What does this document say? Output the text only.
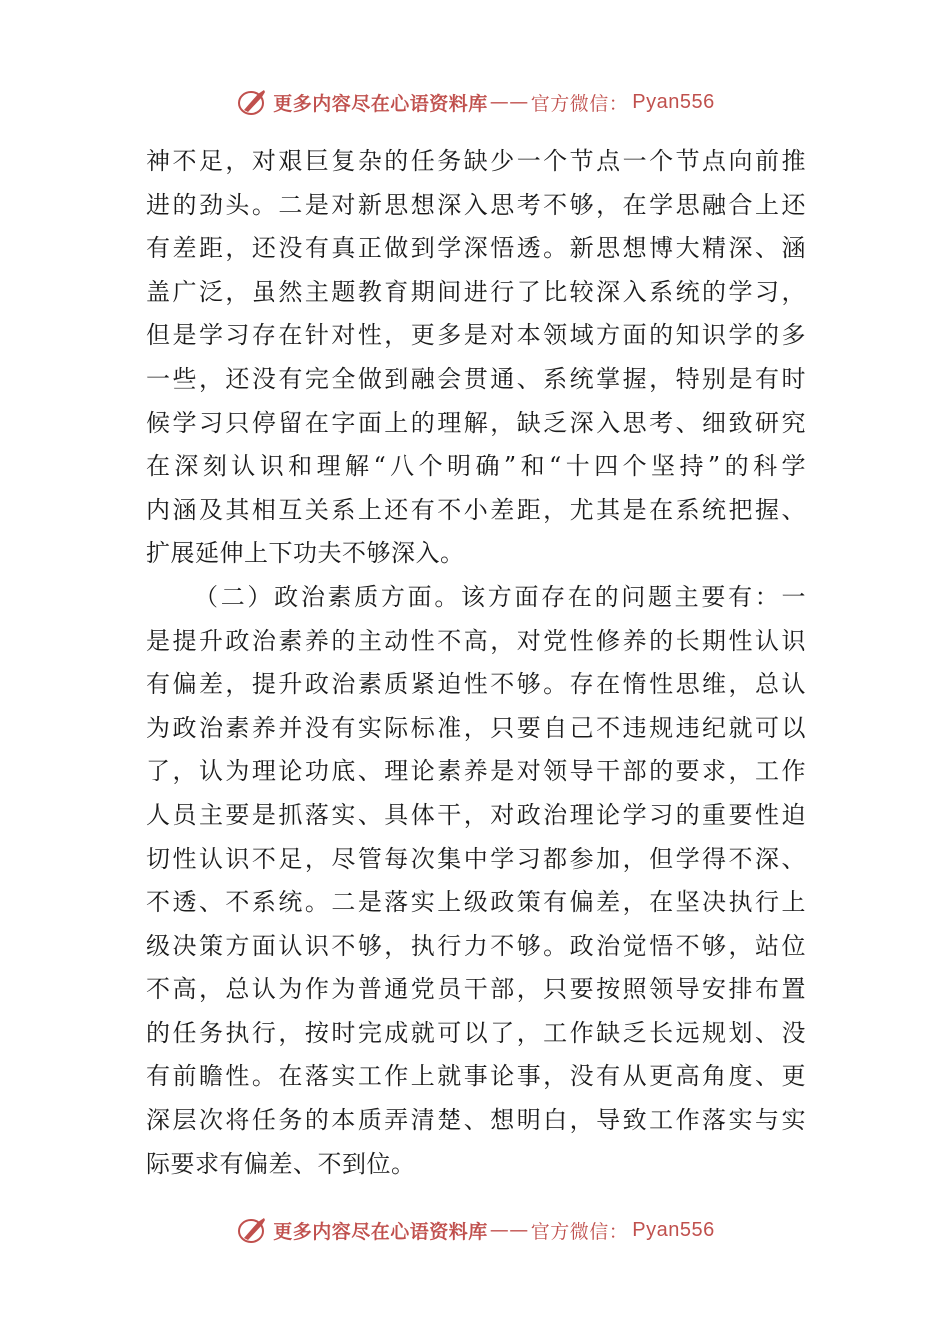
更多内容尽在心语资料库 —— 官方微信： Pyan556
神不足，对艰巨复杂的任务缺少一个节点一个节点向前推
进的劲头。二是对新思想深入思考不够，在学思融合上还
有差距，还没有真正做到学深悟透。新思想博大精深、涵
盖广泛，虽然主题教育期间进行了比较深入系统的学习，
但是学习存在针对性，更多是对本领域方面的知识学的多
一些，还没有完全做到融会贯通、系统掌握，特别是有时
候学习只停留在字面上的理解，缺乏深入思考、细致研究
在深刻认识和理解“八个明确”和“十四个坚持”的科学
内涵及其相互关系上还有不小差距，尤其是在系统把握、
扩展延伸上下功夫不够深入。
（二）政治素质方面。该方面存在的问题主要有：一
是提升政治素养的主动性不高，对党性修养的长期性认识
有偏差，提升政治素质紧迫性不够。存在惰性思维，总认
为政治素养并没有实际标准，只要自己不违规违纪就可以
了，认为理论功底、理论素养是对领导干部的要求，工作
人员主要是抓落实、具体干，对政治理论学习的重要性迫
切性认识不足，尽管每次集中学习都参加，但学得不深、
不透、不系统。二是落实上级政策有偏差，在坚决执行上
级决策方面认识不够，执行力不够。政治觉悟不够，站位
不高，总认为作为普通党员干部，只要按照领导安排布置
的任务执行，按时完成就可以了，工作缺乏长远规划、没
有前瞻性。在落实工作上就事论事，没有从更高角度、更
深层次将任务的本质弄清楚、想明白，导致工作落实与实
际要求有偏差、不到位。
更多内容尽在心语资料库 —— 官方微信： Pyan556
